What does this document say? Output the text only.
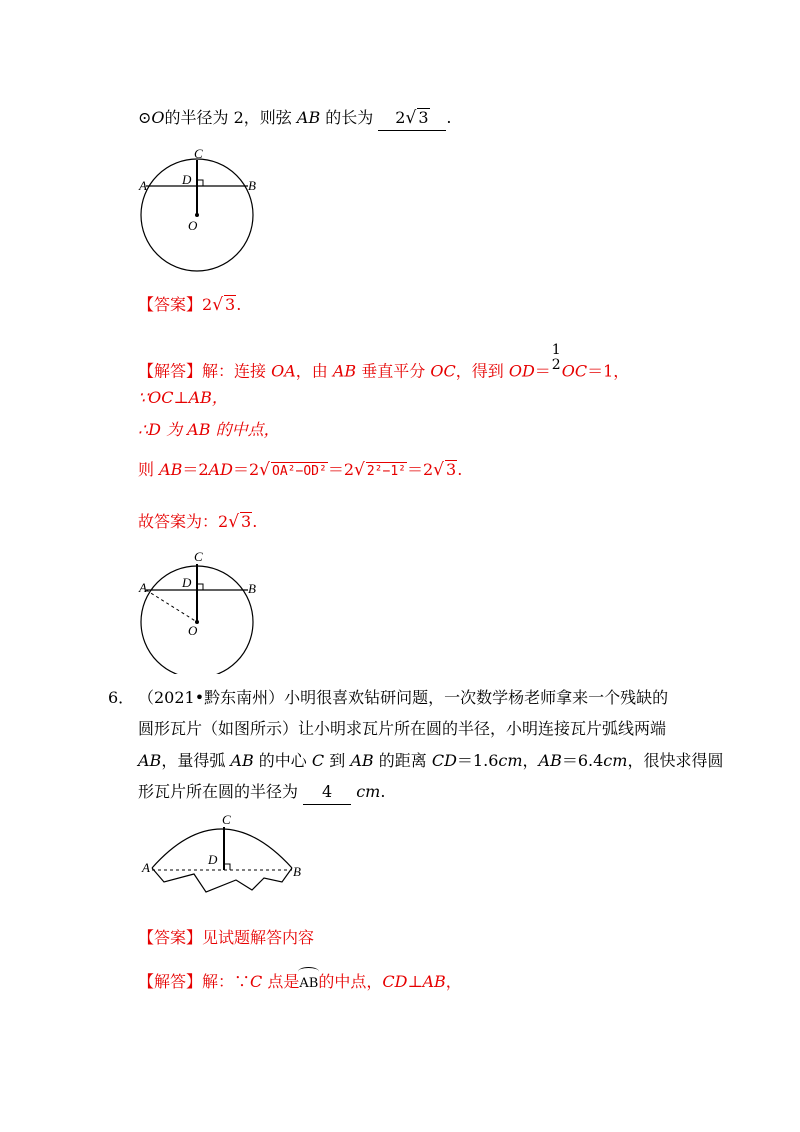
⊙O的半径为 2，则弦 AB 的长为 2√ 3 .
C
D
A	B
O
【答案】2√ 3.
【解答】解：连接 OA，由 AB 垂直平分 OC，得到 OD＝
1
2 OC＝1，
∵OC⊥AB，
∴D 为 AB 的中点，
则 AB＝2AD＝2√ OA²−OD²＝2√ 2²−1²＝2√ 3.
故答案为：2√ 3.
C
D
A	B
O
6． （2021•黔东南州）小明很喜欢钻研问题，一次数学杨老师拿来一个残缺的
圆形瓦片（如图所示）让小明求瓦片所在圆的半径，小明连接瓦片弧线两端
AB，量得弧 AB 的中心 C 到 AB 的距离 CD＝1.6cm，AB＝6.4cm，很快求得圆
形瓦片所在圆的半径为 4 cm.
C
D
A	B
【答案】见试题解答内容
【解答】解：∵C 点是AB的中点，CD⊥AB，
